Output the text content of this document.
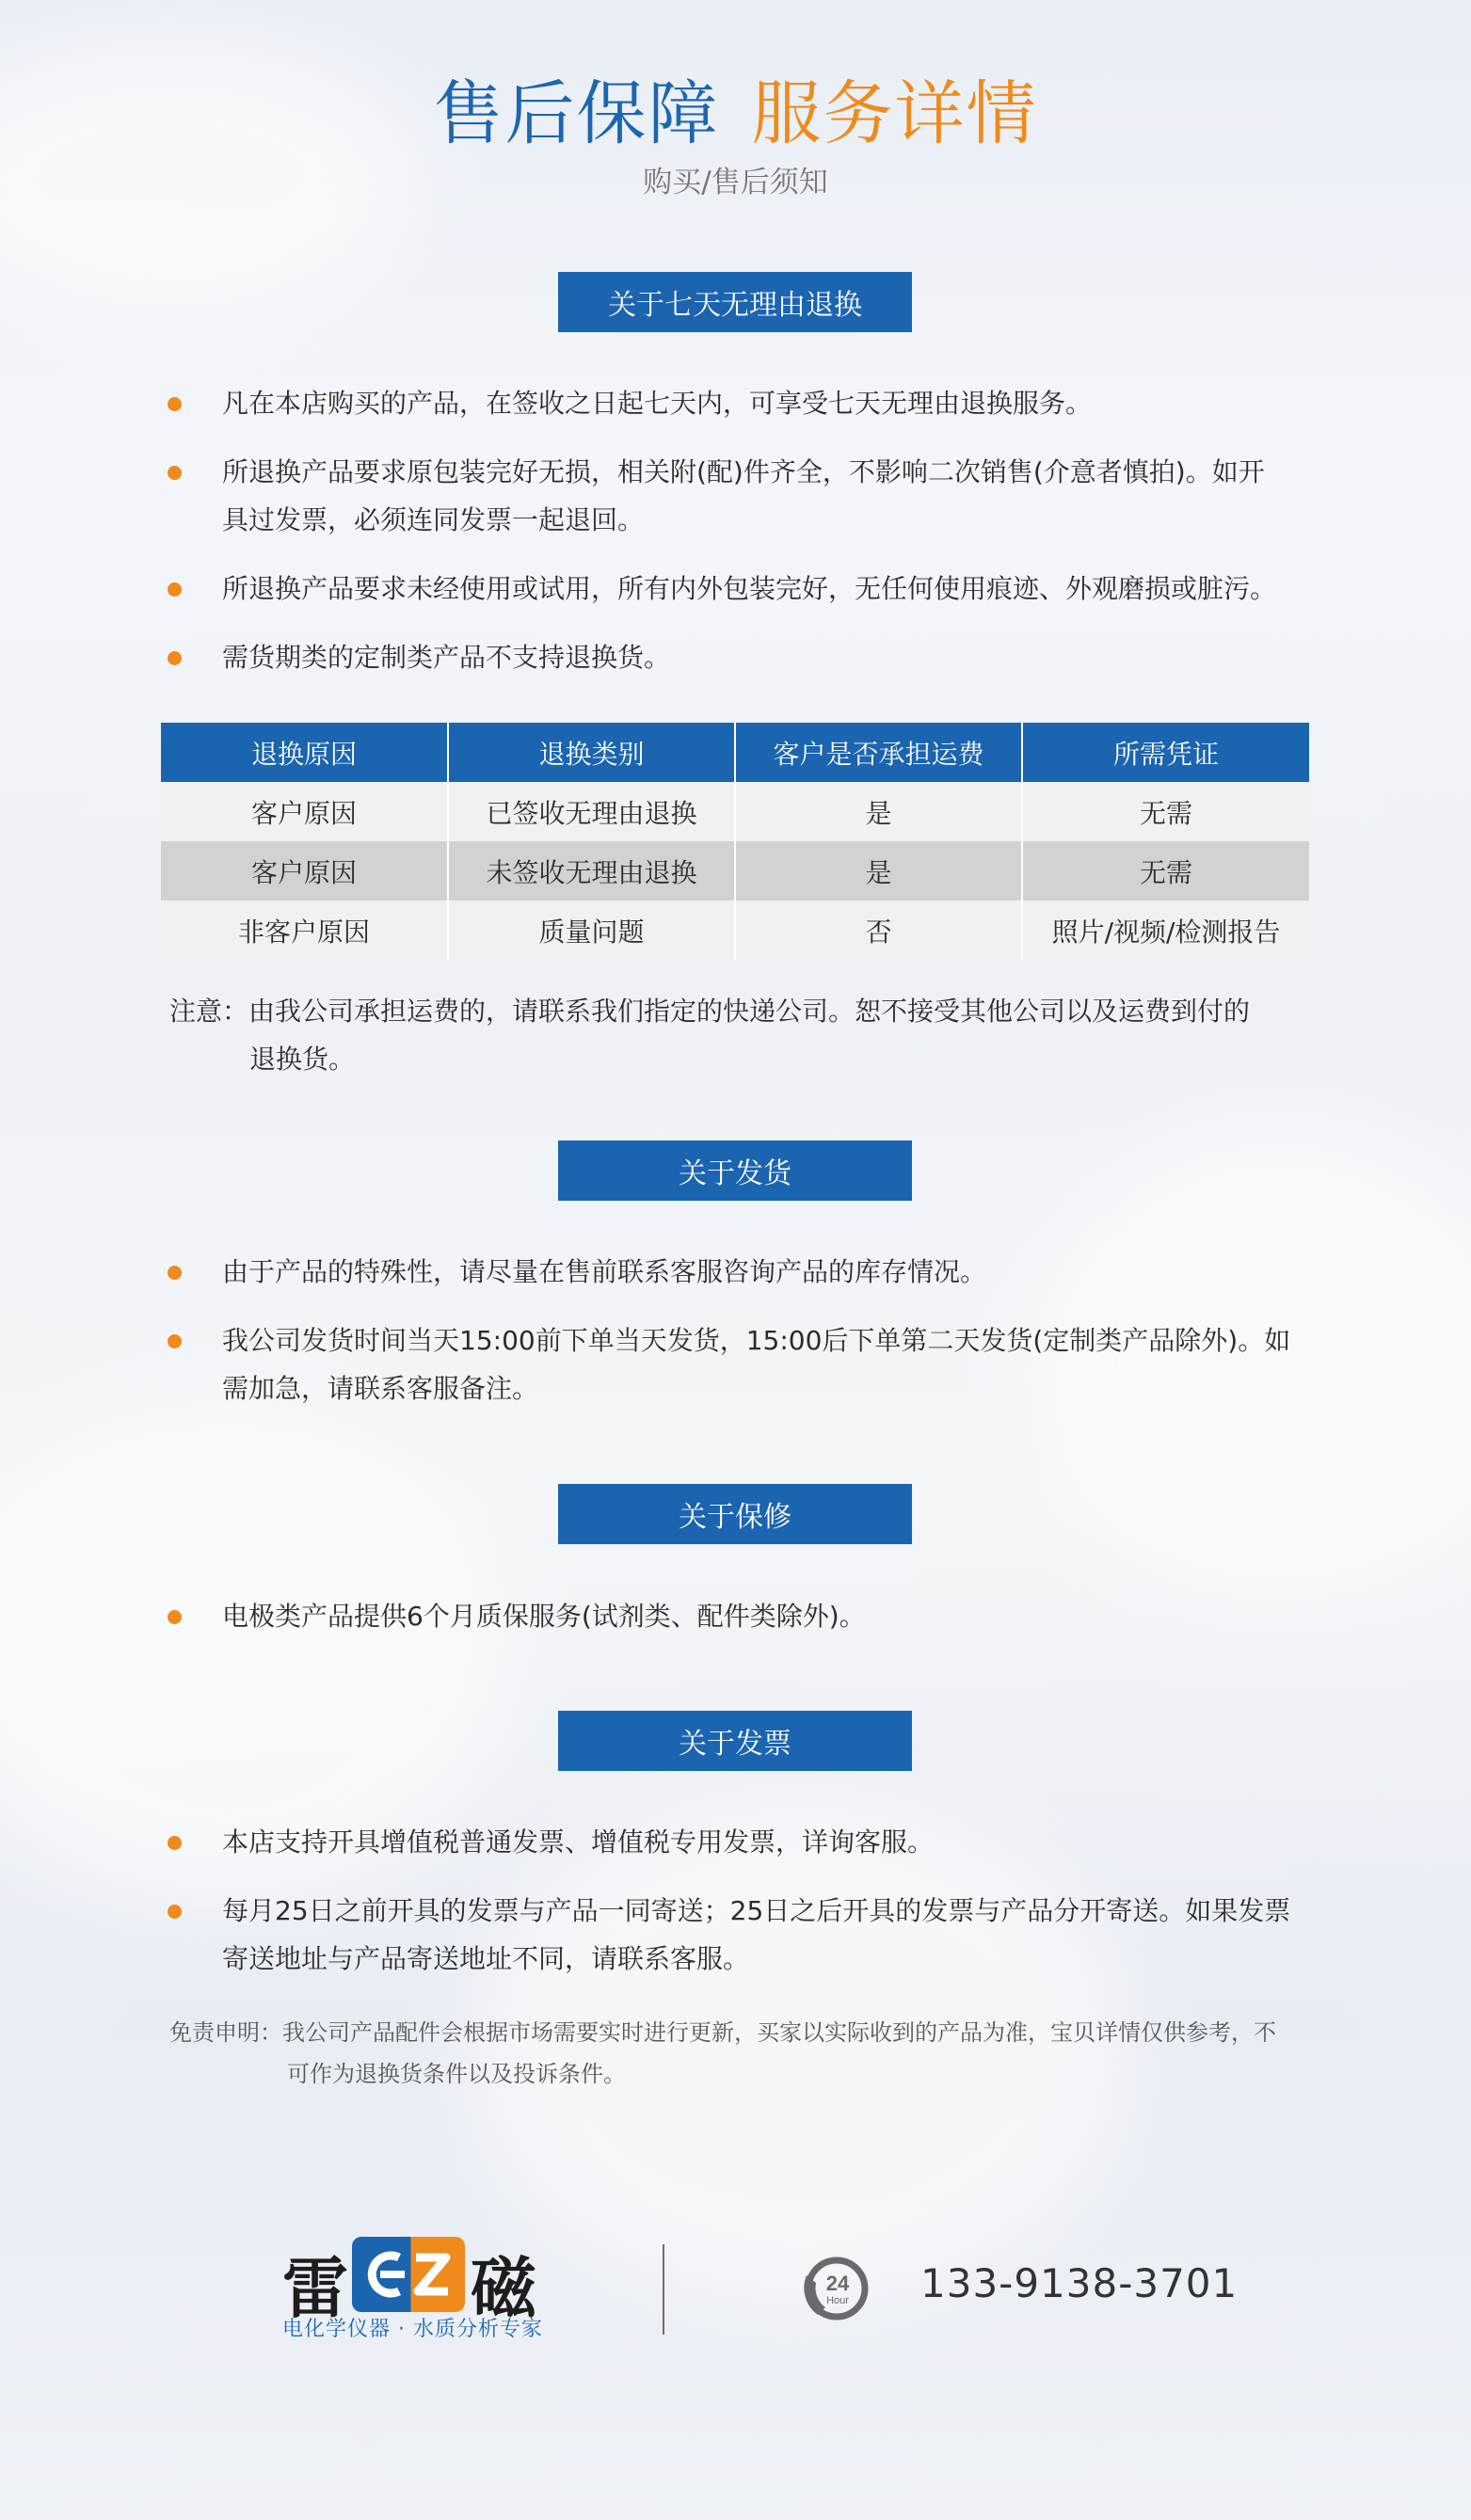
售后保障 服务详情
购买/售后须知
关于七天无理由退换
凡在本店购买的产品，在签收之日起七天内，可享受七天无理由退换服务。
所退换产品要求原包装完好无损，相关附(配)件齐全，不影响二次销售(介意者慎拍)。如开
具过发票，必须连同发票一起退回。
所退换产品要求未经使用或试用，所有内外包装完好，无任何使用痕迹、外观磨损或脏污。
需货期类的定制类产品不支持退换货。
退换原因	退换类别	客户是否承担运费	所需凭证
客户原因	已签收无理由退换	是	无需
客户原因	未签收无理由退换	是	无需
非客户原因	质量问题	否	照片/视频/检测报告
注意：由我公司承担运费的，请联系我们指定的快递公司。恕不接受其他公司以及运费到付的
退换货。
关于发货
由于产品的特殊性，请尽量在售前联系客服咨询产品的库存情况。
我公司发货时间当天15:00前下单当天发货，15:00后下单第二天发货(定制类产品除外)。如
需加急，请联系客服备注。
关于保修
电极类产品提供6个月质保服务(试剂类、配件类除外)。
关于发票
本店支持开具增值税普通发票、增值税专用发票，详询客服。
每月25日之前开具的发票与产品一同寄送；25日之后开具的发票与产品分开寄送。如果发票
寄送地址与产品寄送地址不同，请联系客服。
免责申明：我公司产品配件会根据市场需要实时进行更新，买家以实际收到的产品为准，宝贝详情仅供参考，不
可作为退换货条件以及投诉条件。
雷 磁
电化学仪器 · 水质分析专家
24
Hour 133-9138-3701
